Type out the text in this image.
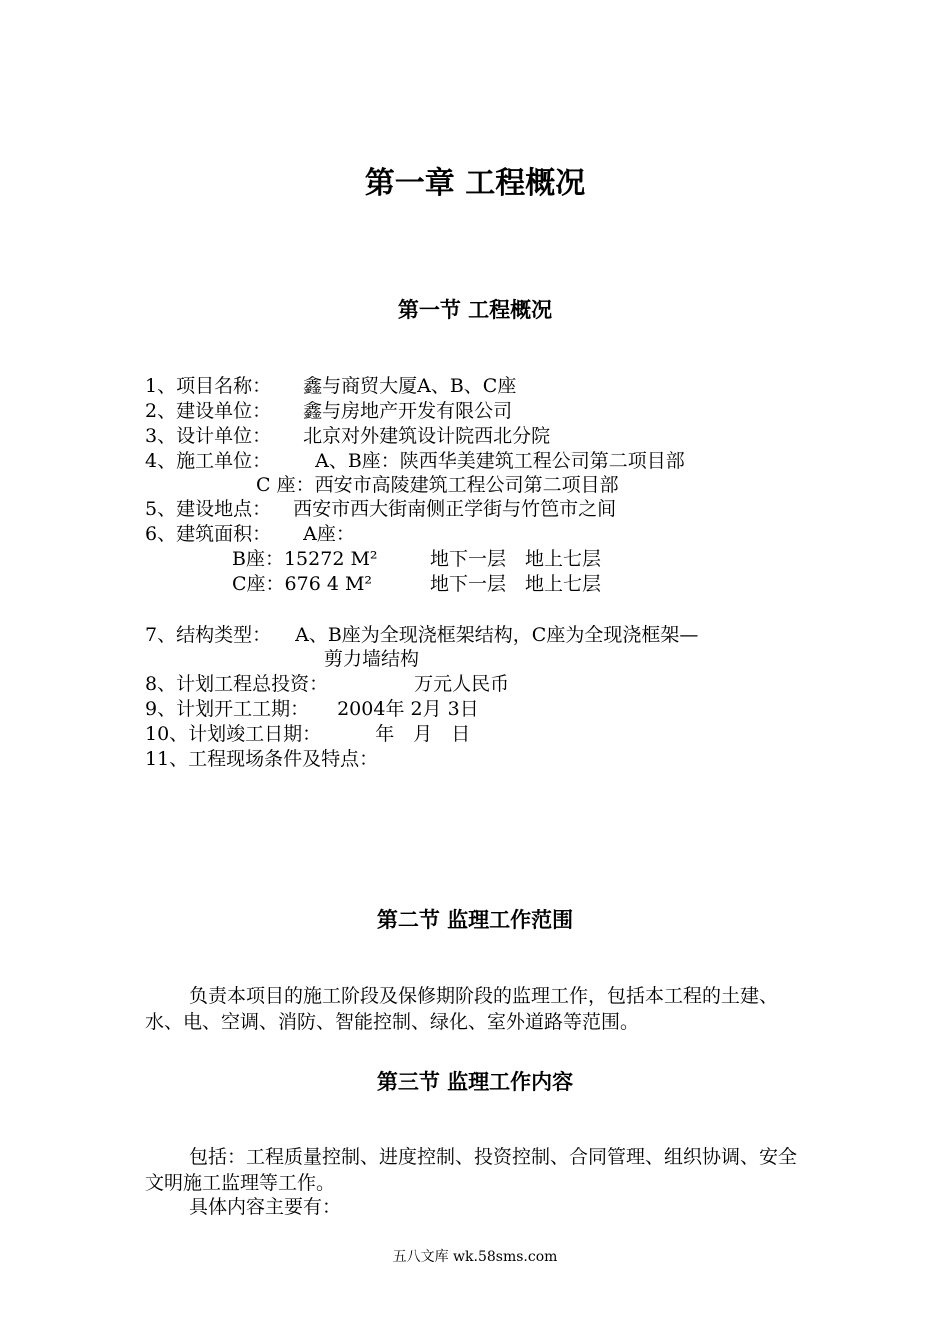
第一章 工程概况
第一节 工程概况
1、项目名称： 鑫与商贸大厦A、B、C座
2、建设单位： 鑫与房地产开发有限公司
3、设计单位： 北京对外建筑设计院西北分院
4、施工单位： A、B座：陕西华美建筑工程公司第二项目部
C 座：西安市高陵建筑工程公司第二项目部
5、建设地点： 西安市西大街南侧正学街与竹笆市之间
6、建筑面积： A座：
B座：15272 M²	地下一层　地上七层
C座：676 4 M²	地下一层　地上七层
7、结构类型： A、B座为全现浇框架结构，C座为全现浇框架—
剪力墙结构
8、计划工程总投资：	万元人民币
9、计划开工工期： 2004年 2月 3日
10、计划竣工日期：	年　月　日
11、工程现场条件及特点：
第二节 监理工作范围
负责本项目的施工阶段及保修期阶段的监理工作，包括本工程的土建、水、电、空调、消防、智能控制、绿化、室外道路等范围。
第三节 监理工作内容
包括：工程质量控制、进度控制、投资控制、合同管理、组织协调、安全文明施工监理等工作。
具体内容主要有：
五八文库 wk.58sms.com
